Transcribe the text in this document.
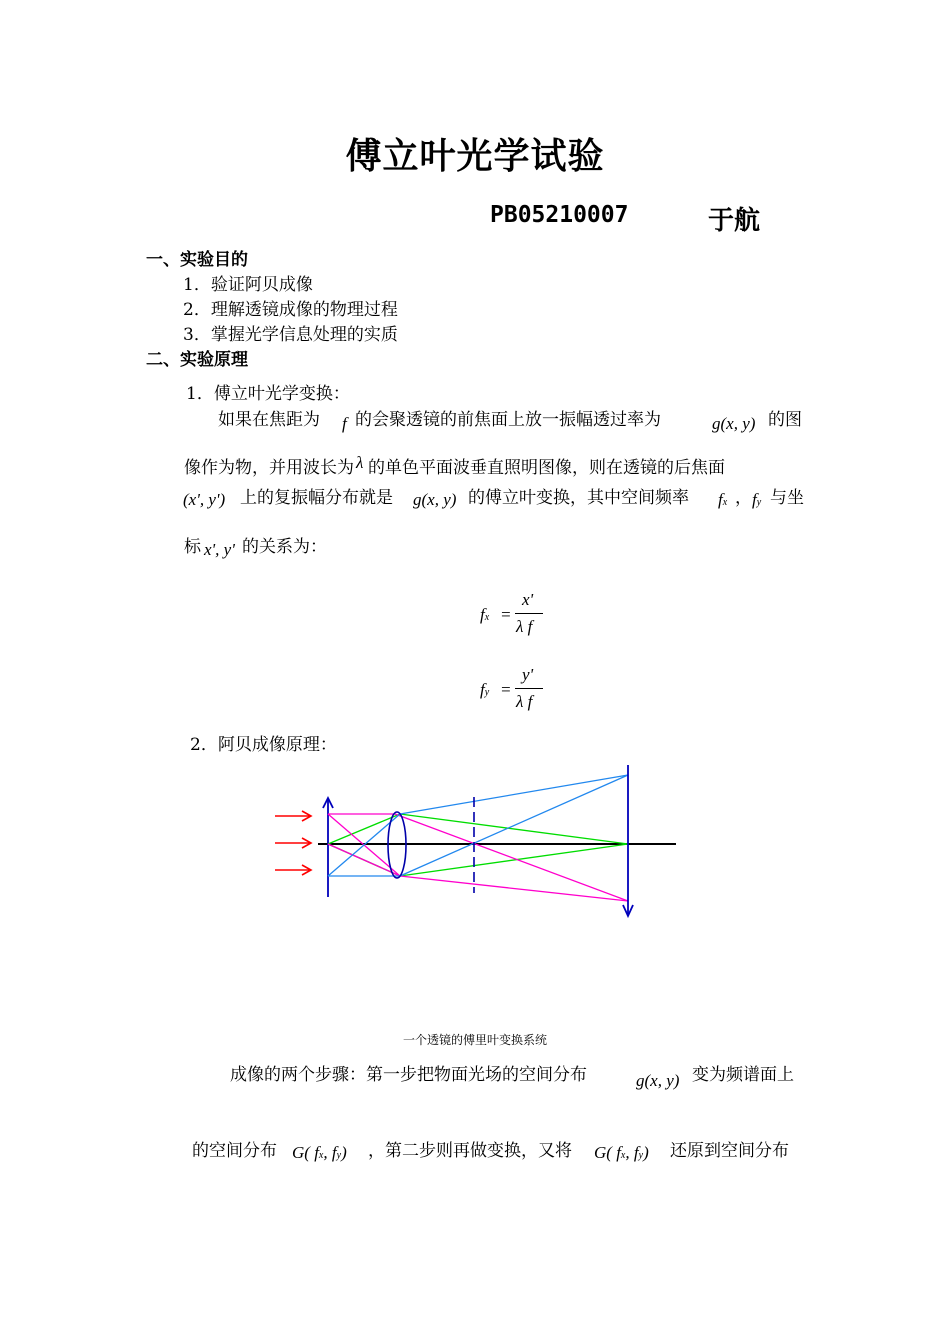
傅立叶光学试验
PB05210007	于航
一、实验目的
1．验证阿贝成像
2．理解透镜成像的物理过程
3．掌握光学信息处理的实质
二、实验原理
1．傅立叶光学变换：
如果在焦距为 f 的会聚透镜的前焦面上放一振幅透过率为	g(x, y) 的图
像作为物，并用波长为 λ 的单色平面波垂直照明图像，则在透镜的后焦面
(x', y') 上的复振幅分布就是 g(x, y) 的傅立叶变换，其中空间频率 fx ， fy 与坐
标 x', y' 的关系为：
fx =
x'
λ f
fy =
y'
λ f
2．阿贝成像原理：
一个透镜的傅里叶变换系统
成像的两个步骤：第一步把物面光场的空间分布	g(x, y) 变为频谱面上
的空间分布 G( fx, fy) ，第二步则再做变换，又将 G( fx, fy) 还原到空间分布
